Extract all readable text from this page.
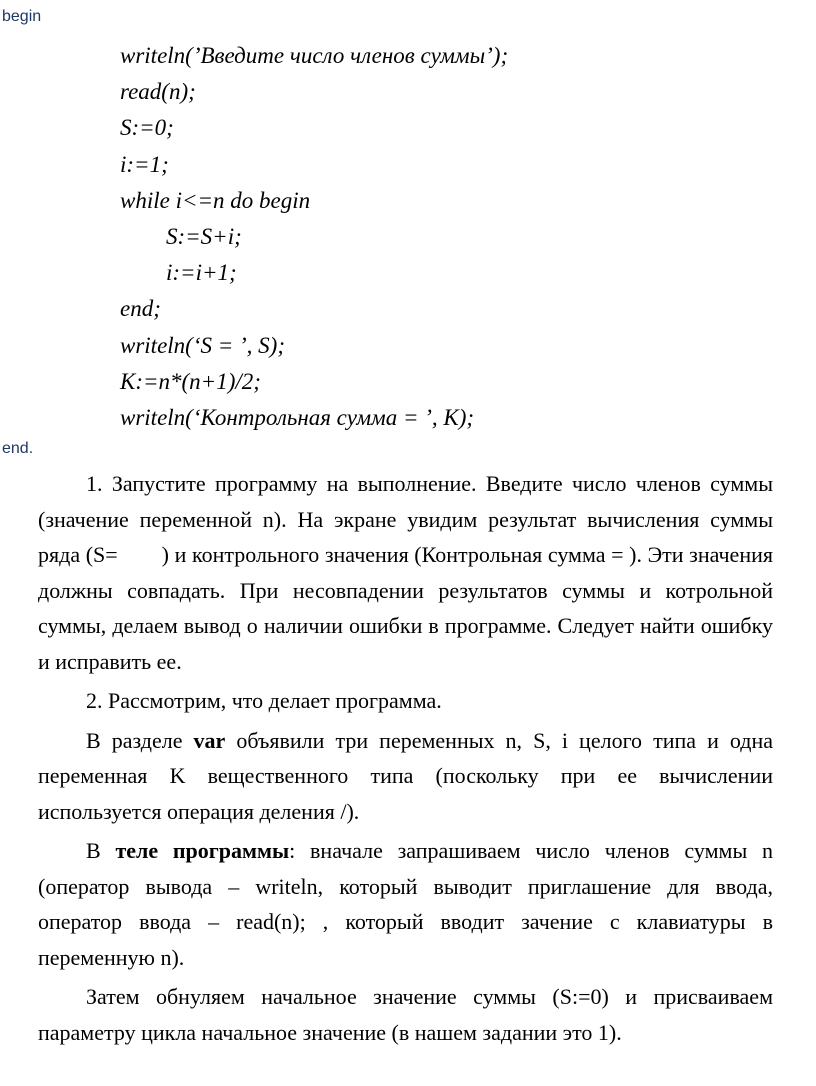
begin
writeln(’Введите число членов суммы’);
read(n);
S:=0;
i:=1;
while i<=n do begin
S:=S+i;
i:=i+1;
end;
writeln(‘S = ’, S);
K:=n*(n+1)/2;
writeln(‘Контрольная сумма = ’, K);
end.

1. Запустите программу на выполнение. Введите число членов суммы (значение переменной n). На экране увидим результат вычисления суммы ряда (S= ) и контрольного значения (Контрольная сумма = ). Эти значения должны совпадать. При несовпадении результатов суммы и котрольной суммы, делаем вывод о наличии ошибки в программе. Следует найти ошибку и исправить ее.

2. Рассмотрим, что делает программа.

В разделе var объявили три переменных n, S, i целого типа и одна переменная K вещественного типа (поскольку при ее вычислении используется операция деления /).

В теле программы: вначале запрашиваем число членов суммы n (оператор вывода – writeln, который выводит приглашение для ввода, оператор ввода – read(n); , который вводит зачение с клавиатуры в переменную n).

Затем обнуляем начальное значение суммы (S:=0) и присваиваем параметру цикла начальное значение (в нашем задании это 1).
